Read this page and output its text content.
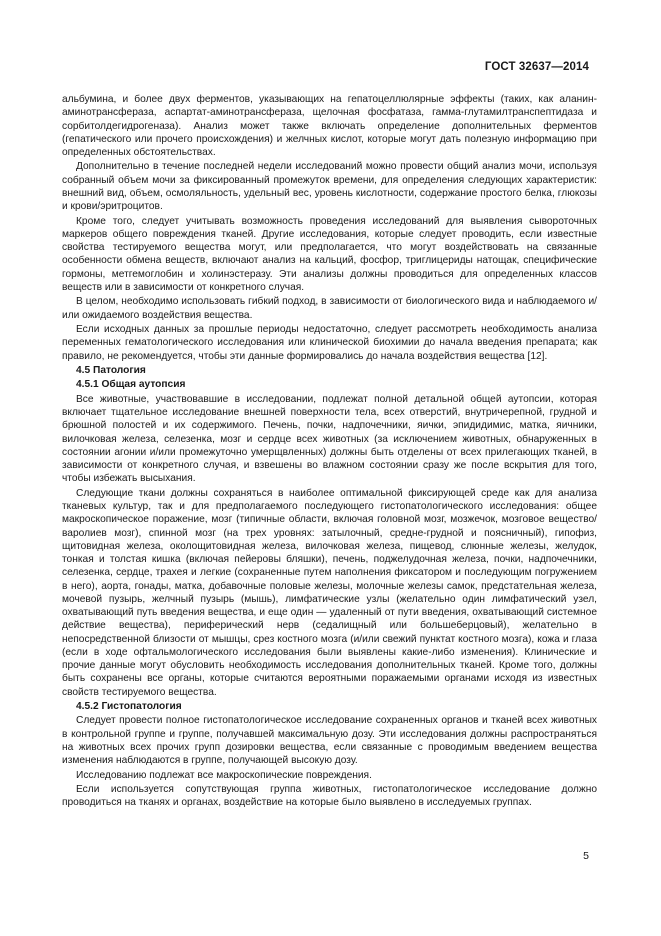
ГОСТ 32637—2014

альбумина, и более двух ферментов, указывающих на гепатоцеллюлярные эффекты (таких, как аланин-аминотрансфераза, аспартат-аминотрансфераза, щелочная фосфатаза, гамма-глутамилтранспептидаза и сорбитолдегидрогеназа). Анализ может также включать определение дополнительных ферментов (гепатического или прочего происхождения) и желчных кислот, которые могут дать полезную информацию при определенных обстоятельствах.

Дополнительно в течение последней недели исследований можно провести общий анализ мочи, используя собранный объем мочи за фиксированный промежуток времени, для определения следующих характеристик: внешний вид, объем, осмоляльность, удельный вес, уровень кислотности, содержание простого белка, глюкозы и крови/эритроцитов.

Кроме того, следует учитывать возможность проведения исследований для выявления сывороточных маркеров общего повреждения тканей. Другие исследования, которые следует проводить, если известные свойства тестируемого вещества могут, или предполагается, что могут воздействовать на связанные особенности обмена веществ, включают анализ на кальций, фосфор, триглицериды натощак, специфические гормоны, метгемоглобин и холинэстеразу. Эти анализы должны проводиться для определенных классов веществ или в зависимости от конкретного случая.

В целом, необходимо использовать гибкий подход, в зависимости от биологического вида и наблюдаемого и/или ожидаемого воздействия вещества.

Если исходных данных за прошлые периоды недостаточно, следует рассмотреть необходимость анализа переменных гематологического исследования или клинической биохимии до начала введения препарата; как правило, не рекомендуется, чтобы эти данные формировались до начала воздействия вещества [12].

4.5 Патология

4.5.1 Общая аутопсия

Все животные, участвовавшие в исследовании, подлежат полной детальной общей аутопсии, которая включает тщательное исследование внешней поверхности тела, всех отверстий, внутричерепной, грудной и брюшной полостей и их содержимого. Печень, почки, надпочечники, яички, эпидидимис, матка, яичники, вилочковая железа, селезенка, мозг и сердце всех животных (за исключением животных, обнаруженных в состоянии агонии и/или промежуточно умерщвленных) должны быть отделены от всех прилегающих тканей, в зависимости от конкретного случая, и взвешены во влажном состоянии сразу же после вскрытия для того, чтобы избежать высыхания.

Следующие ткани должны сохраняться в наиболее оптимальной фиксирующей среде как для анализа тканевых культур, так и для предполагаемого последующего гистопатологического исследования: общее макроскопическое поражение, мозг (типичные области, включая головной мозг, мозжечок, мозговое вещество/варолиев мозг), спинной мозг (на трех уровнях: затылочный, средне-грудной и поясничный), гипофиз, щитовидная железа, околощитовидная железа, вилочковая железа, пищевод, слюнные железы, желудок, тонкая и толстая кишка (включая пейеровы бляшки), печень, поджелудочная железа, почки, надпочечники, селезенка, сердце, трахея и легкие (сохраненные путем наполнения фиксатором и последующим погружением в него), аорта, гонады, матка, добавочные половые железы, молочные железы самок, предстательная железа, мочевой пузырь, желчный пузырь (мышь), лимфатические узлы (желательно один лимфатический узел, охватывающий путь введения вещества, и еще один — удаленный от пути введения, охватывающий системное действие вещества), периферический нерв (седалищный или большеберцовый), желательно в непосредственной близости от мышцы, срез костного мозга (и/или свежий пунктат костного мозга), кожа и глаза (если в ходе офтальмологического исследования были выявлены какие-либо изменения). Клинические и прочие данные могут обусловить необходимость исследования дополнительных тканей. Кроме того, должны быть сохранены все органы, которые считаются вероятными поражаемыми органами исходя из известных свойств тестируемого вещества.

4.5.2 Гистопатология

Следует провести полное гистопатологическое исследование сохраненных органов и тканей всех животных в контрольной группе и группе, получавшей максимальную дозу. Эти исследования должны распространяться на животных всех прочих групп дозировки вещества, если связанные с проводимым введением вещества изменения наблюдаются в группе, получающей высокую дозу.

Исследованию подлежат все макроскопические повреждения.

Если используется сопутствующая группа животных, гистопатологическое исследование должно проводиться на тканях и органах, воздействие на которые было выявлено в исследуемых группах.

5
